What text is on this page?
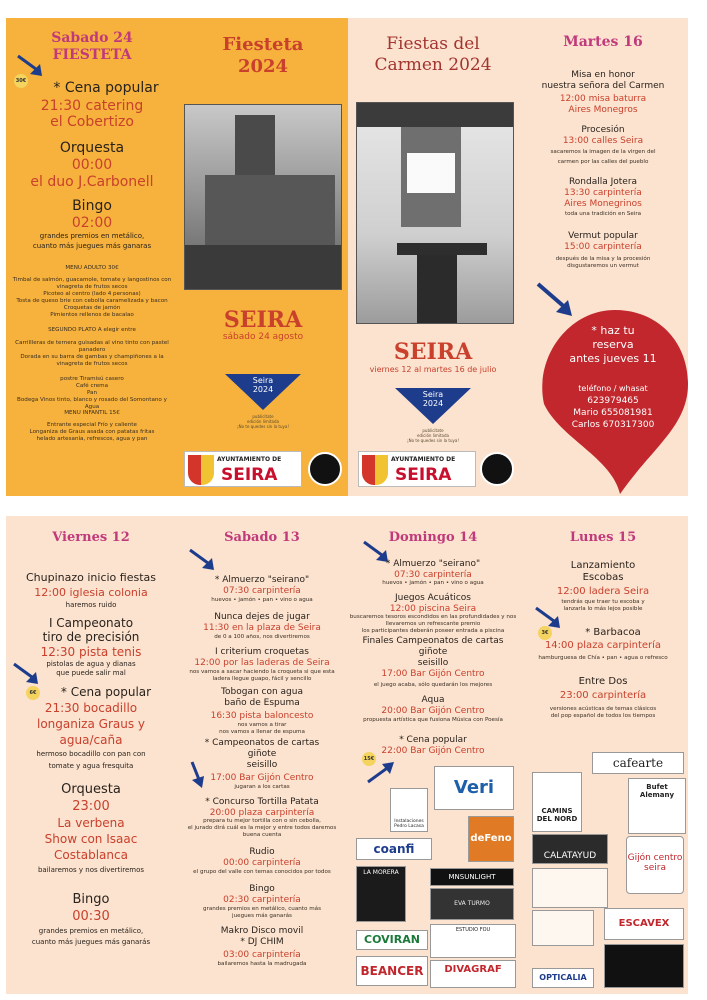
Sabado 24
FIESTETA
30€	* Cena popular
21:30 catering
el Cobertizo
Orquesta
00:00
el duo J.Carbonell
Bingo
02:00
grandes premios en metálico,
cuanto más juegues más ganaras
MENU ADULTO 30€
Timbal de salmón, guacamole, tomate y langostinos con
vinagreta de frutos secos
Picoteo al centro (lado 4 personas)
Tosta de queso brie con cebolla caramelizada y bacon
Croquetas de jamón
Pimientos rellenos de bacalao
SEGUNDO PLATO A elegir entre
Carrillleras de ternera guisadas al vino tinto con pastel
panadero
Dorada en su barra de gambas y champiñones a la
vinagreta de frutos secos
postre Tiramisú casero
Café crema
Pan
Bodega Vinos tinto, blanco y rosado del Somontano y Agua
MENU INFANTIL 15€
Entrante especial Frío y caliente
Longaniza de Graus asada con patatas fritas
helado artesanía, refrescos, agua y pan
Fiesteta
2024
SEIRA
sábado 24 agosto
Seira
2024
publicitate
edición limitada
¡No te quedes sin la tuya!
AYUNTAMIENTO DE
SEIRA
Fiestas del
Carmen 2024
SEIRA
viernes 12 al martes 16 de julio
Seira
2024
publicitate
edición limitada
¡No te quedes sin la tuya!
AYUNTAMIENTO DE
SEIRA
Martes 16
Misa en honor
nuestra señora del Carmen
12:00 misa baturra
Aires Monegros
Procesión
13:00 calles Seira
sacaremos la imagen de la virgen del
carmen por las calles del pueblo
Rondalla Jotera
13:30 carpintería
Aires Monegrinos
toda una tradición en Seira
Vermut popular
15:00 carpintería
después de la misa y la procesión
disgustaremos un vermut
* haz tu
reserva
antes jueves 11
teléfono / whasat
623979465
Mario 655081981
Carlos 670317300
Viernes 12
Chupinazo inicio fiestas
12:00 iglesia colonia
haremos ruido
I Campeonato
tiro de precisión
12:30 pista tenis
pistolas de agua y dianas
que puede salir mal
6€	* Cena popular
21:30 bocadillo
longaniza Graus y
agua/caña
hermoso bocadillo con pan con
tomate y agua fresquita
Orquesta
23:00
La verbena
Show con Isaac
Costablanca
bailaremos y nos divertiremos
Bingo
00:30
grandes premios en metálico,
cuanto más juegues más ganarás
Sabado 13
* Almuerzo "seirano"
07:30 carpintería
huevos • jamón • pan • vino o agua
Nunca dejes de jugar
11:30 en la plaza de Seira
de 0 a 100 años, nos divertiremos
I criterium croquetas
12:00 por las laderas de Seira
nos vamos a sacar haciendo la croqueta si que esta
ladera llegue guapo, fácil y sencillo
Tobogan con agua
baño de Espuma
16:30 pista baloncesto
nos vamos a tirar
nos vamos a llenar de espuma
* Campeonatos de cartas
giñote
seisillo
17:00 Bar Gijón Centro
jugaran a los cartas
* Concurso Tortilla Patata
20:00 plaza carpintería
prepara tu mejor tortilla con o sin cebolla,
el jurado dirá cuál es la mejor y entre todos daremos
buena cuenta
Rudio
00:00 carpintería
el grupo del valle con temas conocidos por todos
Bingo
02:30 carpintería
grandes premios en metálico, cuanto más
juegues más ganarás
Makro Disco movil
* DJ CHIM
03:00 carpintería
bailaremos hasta la madrugada
Domingo 14
* Almuerzo "seirano"
07:30 carpintería
huevos • jamón • pan • vino o agua
Juegos Acuáticos
12:00 piscina Seira
buscaremos tesoros escondidos en las profundidades y nos
llevaremos un refrescante premio
los participantes deberán poseer entrada a piscina
Finales Campeonatos de cartas
giñote
seisillo
17:00 Bar Gijón Centro
el juego acaba, sólo quedarán los mejores
Aqua
20:00 Bar Gijón Centro
propuesta artística que fusiona Música con Poesía
15€
* Cena popular
22:00 Bar Gijón Centro
Lunes 15
Lanzamiento
Escobas
12:00 ladera Seira
tendrás que traer tu escoba y
lanzarla lo más lejos posible
3€	* Barbacoa
14:00 plaza carpintería
hamburguesa de Chía • pan • agua o refresco
Entre Dos
23:00 carpintería
versiones acústicas de temas clásicos
del pop español de todos los tiempos
cafearte
Veri
CAMINS DEL NORD
Bufet Alemany
Instalaciones Pedro Lacasa
deFeno
CALATAYUD	Gijón centro seira
coanfi
LA MORERA
MNSUNLIGHT
EVA TURMO
ESCAVEX
COVIRAN
ESTUDIO FOU
BEANCER	DIVAGRAF
OPTICALIA
